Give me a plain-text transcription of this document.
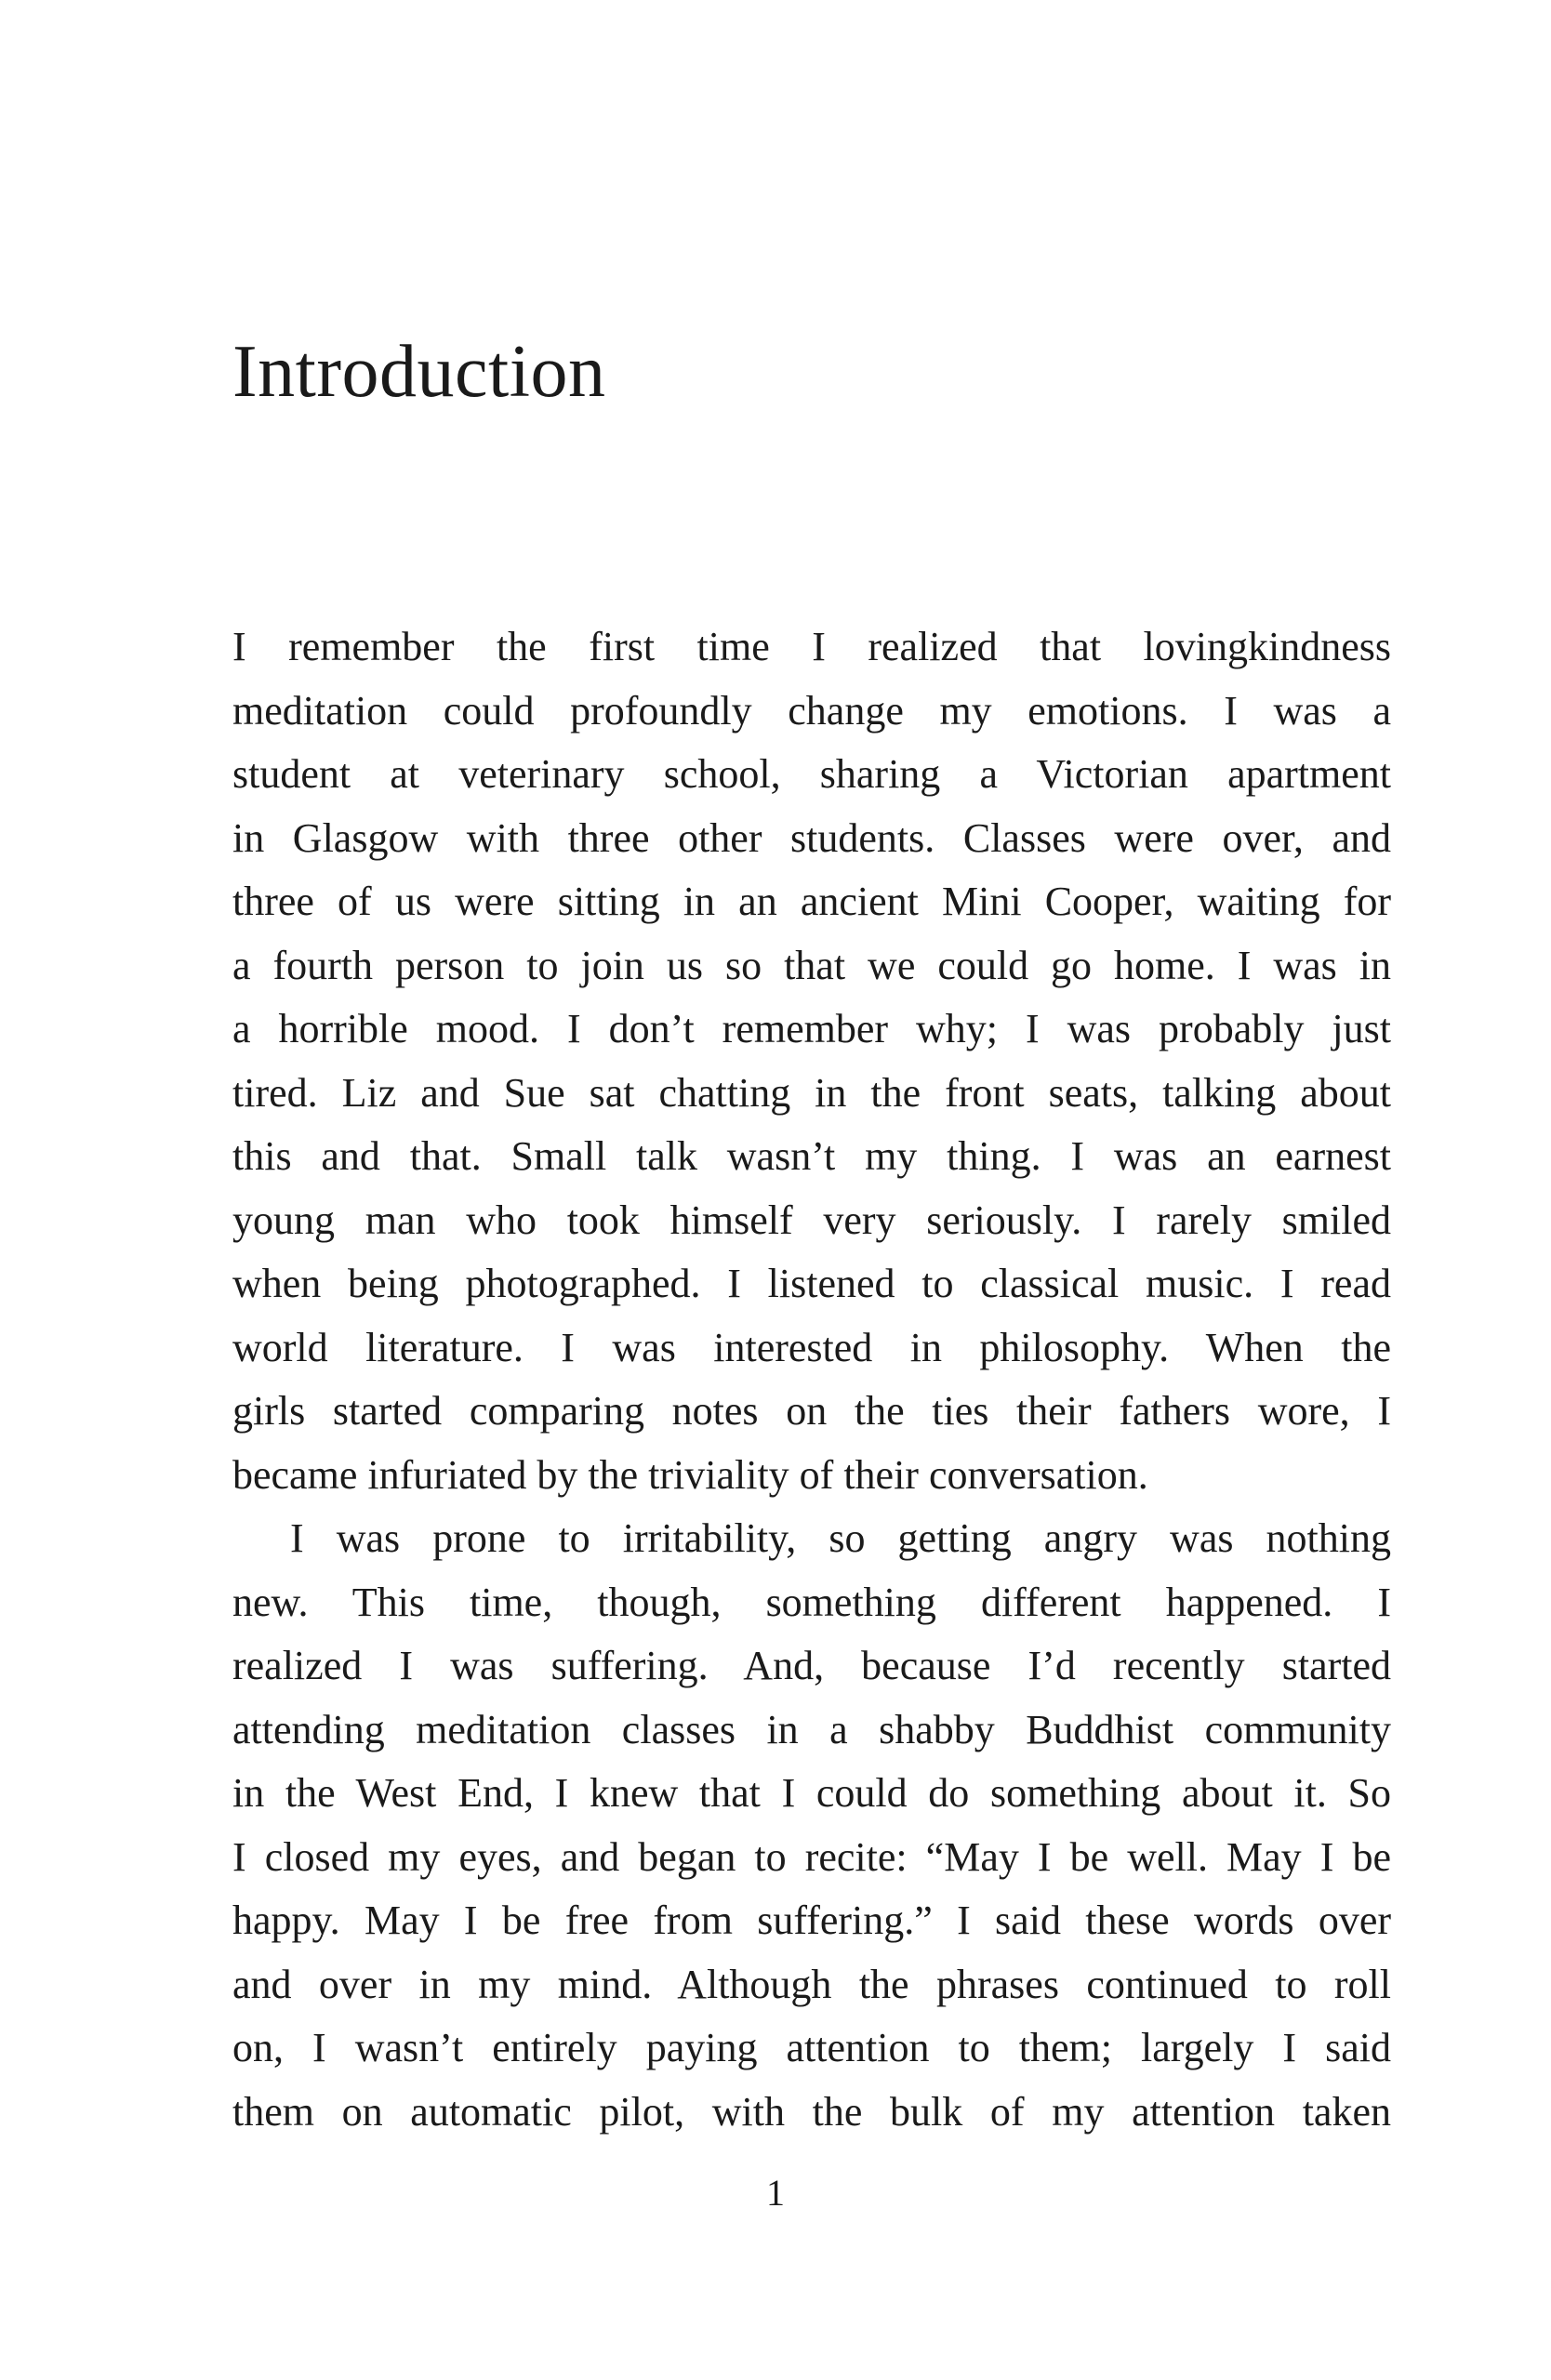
Introduction

I remember the first time I realized that lovingkindness
meditation could profoundly change my emotions. I was a
student at veterinary school, sharing a Victorian apartment
in Glasgow with three other students. Classes were over, and
three of us were sitting in an ancient Mini Cooper, waiting for
a fourth person to join us so that we could go home. I was in
a horrible mood. I don’t remember why; I was probably just
tired. Liz and Sue sat chatting in the front seats, talking about
this and that. Small talk wasn’t my thing. I was an earnest
young man who took himself very seriously. I rarely smiled
when being photographed. I listened to classical music. I read
world literature. I was interested in philosophy. When the
girls started comparing notes on the ties their fathers wore, I
became infuriated by the triviality of their conversation.

I was prone to irritability, so getting angry was nothing
new. This time, though, something different happened. I
realized I was suffering. And, because I’d recently started
attending meditation classes in a shabby Buddhist community
in the West End, I knew that I could do something about it. So
I closed my eyes, and began to recite: “May I be well. May I be
happy. May I be free from suffering.” I said these words over
and over in my mind. Although the phrases continued to roll
on, I wasn’t entirely paying attention to them; largely I said
them on automatic pilot, with the bulk of my attention taken

1
